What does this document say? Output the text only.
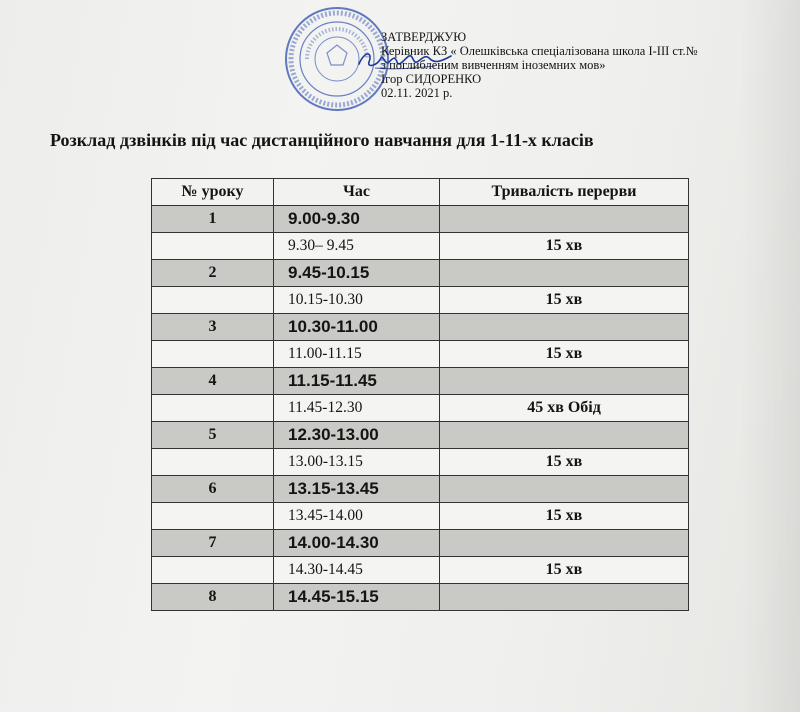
ЗАТВЕРДЖУЮ
Керівник КЗ « Олешківська спеціалізована школа І-ІІІ ст.№
з поглибленим вивченням іноземних мов»
Ігор СИДОРЕНКО
02.11. 2021 р.
Розклад дзвінків під час дистанційного навчання для 1-11-х класів
№ уроку	Час	Тривалість перерви
1	9.00-9.30	
	9.30– 9.45	15 хв
2	9.45-10.15	
	10.15-10.30	15 хв
3	10.30-11.00	
	11.00-11.15	15 хв
4	11.15-11.45	
	11.45-12.30	45 хв Обід
5	12.30-13.00	
	13.00-13.15	15 хв
6	13.15-13.45	
	13.45-14.00	15 хв
7	14.00-14.30	
	14.30-14.45	15 хв
8	14.45-15.15	
